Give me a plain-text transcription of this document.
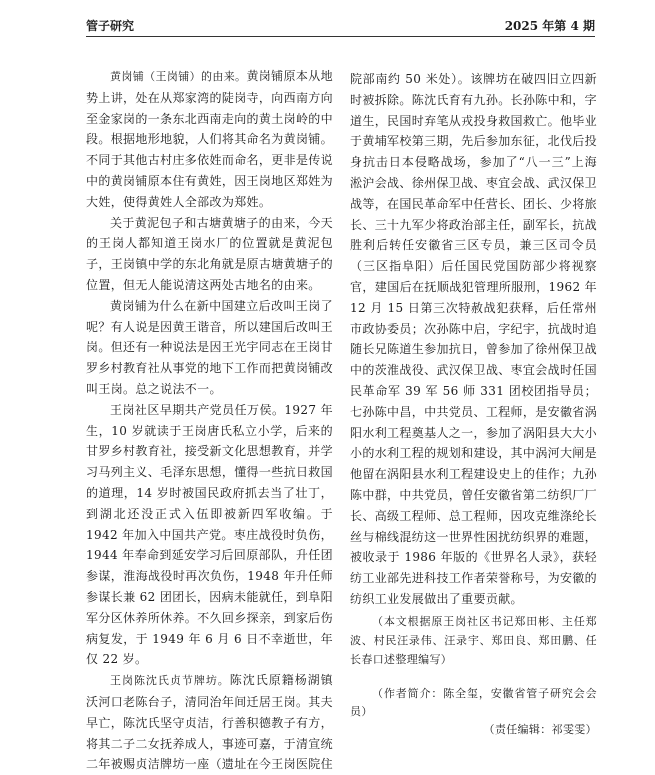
管子研究	2025 年第 4 期

黄岗铺（王岗铺）的由来。黄岗铺原本从地势上讲，处在从郑家湾的陡岗寺，向西南方向至金家岗的一条东北西南走向的黄土岗岭的中段。根据地形地貌，人们将其命名为黄岗铺。不同于其他古村庄多依姓而命名，更非是传说中的黄岗铺原本住有黄姓，因王岗地区郑姓为大姓，使得黄姓人全部改为郑姓。

关于黄泥包子和古塘黄塘子的由来，今天的王岗人都知道王岗水厂的位置就是黄泥包子，王岗镇中学的东北角就是原古塘黄塘子的位置，但无人能说清这两处古地名的由来。

黄岗铺为什么在新中国建立后改叫王岗了呢？有人说是因黄王谐音，所以建国后改叫王岗。但还有一种说法是因王光宇同志在王岗甘罗乡村教育社从事党的地下工作而把黄岗铺改叫王岗。总之说法不一。

王岗社区早期共产党员任万侯。1927 年生，10 岁就读于王岗唐氏私立小学，后来的甘罗乡村教育社，接受新文化思想教育，并学习马列主义、毛泽东思想，懂得一些抗日救国的道理，14 岁时被国民政府抓去当了壮丁，到湖北还没正式入伍即被新四军收编。于 1942 年加入中国共产党。枣庄战役时负伤，1944 年奉命到延安学习后回原部队，升任团参谋，淮海战役时再次负伤，1948 年升任师参谋长兼 62 团团长，因病未能就任，到阜阳军分区休养所休养。不久回乡探亲，到家后伤病复发，于 1949 年 6 月 6 日不幸逝世，年仅 22 岁。

王岗陈沈氏贞节牌坊。陈沈氏原籍杨湖镇沃河口老陈台子，清同治年间迁居王岗。其夫早亡，陈沈氏坚守贞洁，行善积德教子有方，将其二子二女抚养成人，事迹可嘉，于清宣统二年被赐贞洁牌坊一座（遗址在今王岗医院住

院部南约 50 米处）。该牌坊在破四旧立四新时被拆除。陈沈氏育有九孙。长孙陈中和，字道生，民国时弃笔从戎投身救国救亡。他毕业于黄埔军校第三期，先后参加东征，北伐后投身抗击日本侵略战场，参加了“八一三”上海淞沪会战、徐州保卫战、枣宜会战、武汉保卫战等，在国民革命军中任营长、团长、少将旅长、三十九军少将政治部主任，副军长，抗战胜利后转任安徽省三区专员，兼三区司令员（三区指阜阳）后任国民党国防部少将视察官，建国后在抚顺战犯管理所服刑，1962 年 12 月 15 日第三次特赦战犯获释，后任常州市政协委员；次孙陈中启，字纪宇，抗战时追随长兄陈道生参加抗日，曾参加了徐州保卫战中的茨淮战役、武汉保卫战、枣宜会战时任国民革命军 39 军 56 师 331 团校团指导员；七孙陈中昌，中共党员、工程师，是安徽省涡阳水利工程奠基人之一，参加了涡阳县大大小小的水利工程的规划和建设，其中涡河大闸是他留在涡阳县水利工程建设史上的佳作；九孙陈中群，中共党员，曾任安徽省第二纺织厂厂长、高级工程师、总工程师，因攻克维涤纶长丝与棉线混纺这一世界性困扰纺织界的难题，被收录于 1986 年版的《世界名人录》，获轻纺工业部先进科技工作者荣誉称号，为安徽的纺织工业发展做出了重要贡献。

（本文根据原王岗社区书记郑田彬、主任郑波、村民汪录伟、汪录宇、郑田良、郑田鹏、任长春口述整理编写）

（作者简介：陈全玺，安徽省管子研究会会员）

（责任编辑：祁雯雯）
